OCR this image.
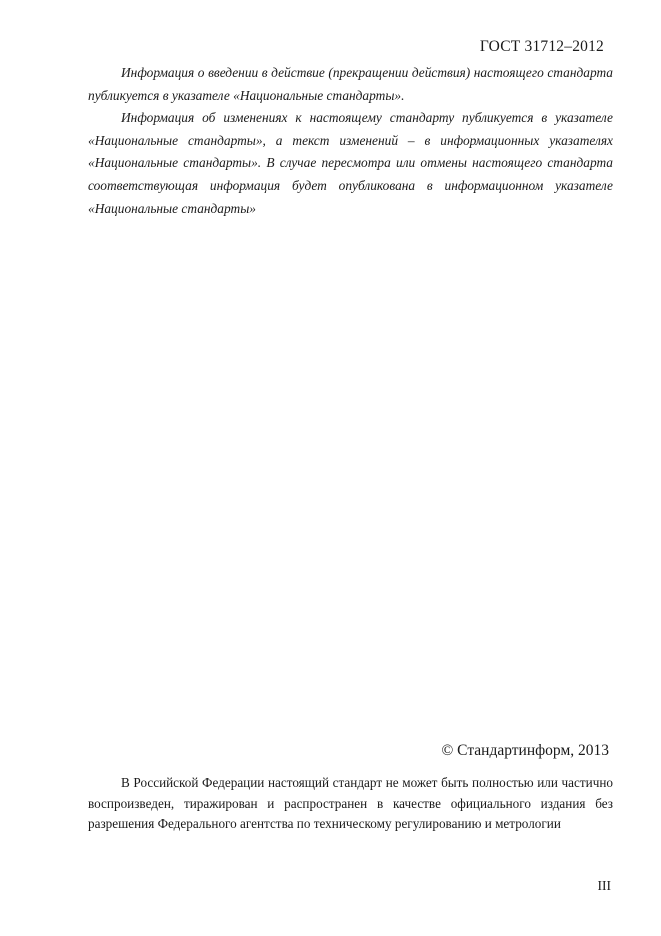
ГОСТ 31712–2012

Информация о введении в действие (прекращении действия) настоящего стандарта публикуется в указателе «Национальные стандарты».

Информация об изменениях к настоящему стандарту публикуется в указателе «Национальные стандарты», а текст изменений – в информационных указателях «Национальные стандарты». В случае пересмотра или отмены настоящего стандарта соответствующая информация будет опубликована в информационном указателе «Национальные стандарты»

© Стандартинформ, 2013

В Российской Федерации настоящий стандарт не может быть полностью или частично воспроизведен, тиражирован и распространен в качестве официального издания без разрешения Федерального агентства по техническому регулированию и метрологии

III
